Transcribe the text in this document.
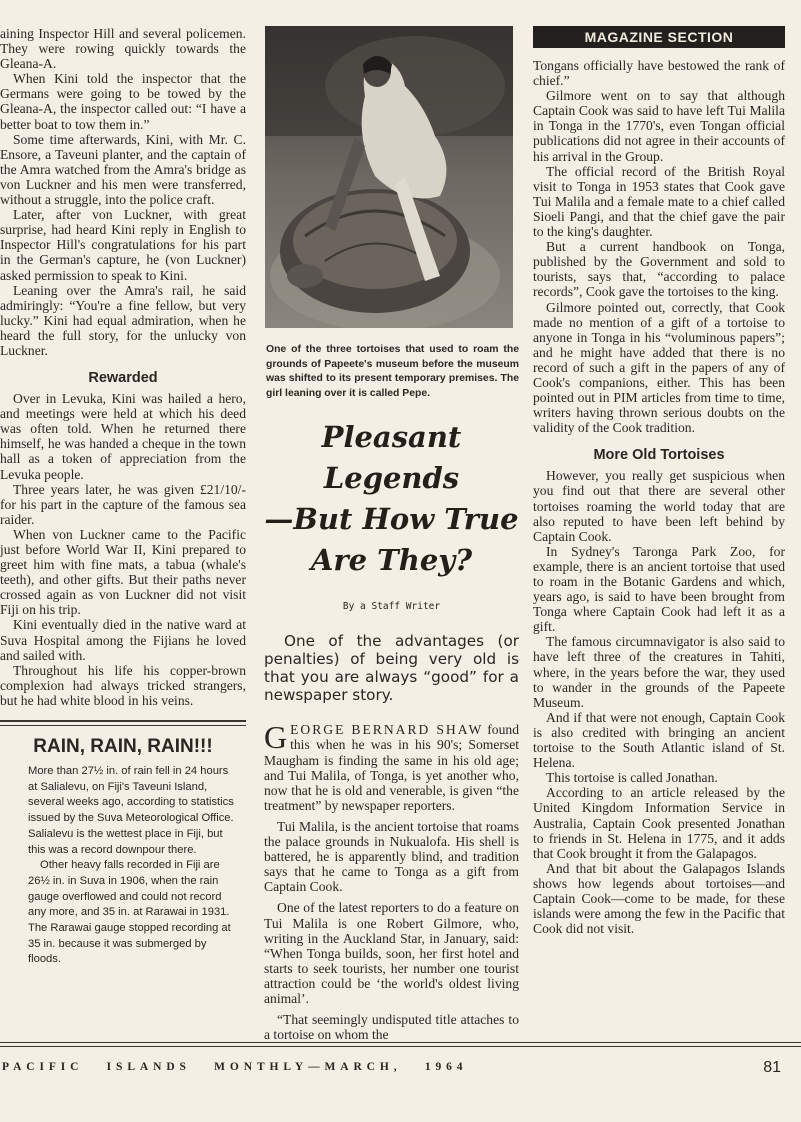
aining Inspector Hill and several policemen. They were rowing quickly towards the Gleana-A.

When Kini told the inspector that the Germans were going to be towed by the Gleana-A, the inspector called out: “I have a better boat to tow them in.”

Some time afterwards, Kini, with Mr. C. Ensore, a Taveuni planter, and the captain of the Amra watched from the Amra's bridge as von Luckner and his men were transferred, without a struggle, into the police craft.

Later, after von Luckner, with great surprise, had heard Kini reply in English to Inspector Hill's congratulations for his part in the German's capture, he (von Luckner) asked permission to speak to Kini.

Leaning over the Amra's rail, he said admiringly: “You're a fine fellow, but very lucky.” Kini had equal admiration, when he heard the full story, for the unlucky von Luckner.

Rewarded

Over in Levuka, Kini was hailed a hero, and meetings were held at which his deed was often told. When he returned there himself, he was handed a cheque in the town hall as a token of appreciation from the Levuka people.

Three years later, he was given £21/10/- for his part in the capture of the famous sea raider.

When von Luckner came to the Pacific just before World War II, Kini prepared to greet him with fine mats, a tabua (whale's teeth), and other gifts. But their paths never crossed again as von Luckner did not visit Fiji on his trip.

Kini eventually died in the native ward at Suva Hospital among the Fijians he loved and sailed with.

Throughout his life his copper-brown complexion had always tricked strangers, but he had white blood in his veins.

RAIN, RAIN, RAIN!!!

More than 27½ in. of rain fell in 24 hours at Salialevu, on Fiji's Taveuni Island, several weeks ago, according to statistics issued by the Suva Meteorological Office. Salialevu is the wettest place in Fiji, but this was a record downpour there.

Other heavy falls recorded in Fiji are 26½ in. in Suva in 1906, when the rain gauge overflowed and could not record any more, and 35 in. at Rarawai in 1931. The Rarawai gauge stopped recording at 35 in. because it was submerged by floods.

One of the three tortoises that used to roam the grounds of Papeete's museum before the museum was shifted to its present temporary premises. The girl leaning over it is called Pepe.
Pleasant Legends
—But How True
Are They?
By a Staff Writer

One of the advantages (or penalties) of being very old is that you are always “good” for a newspaper story.

GEORGE BERNARD SHAW found this when he was in his 90's; Somerset Maugham is finding the same in his old age; and Tui Malila, of Tonga, is yet another who, now that he is old and venerable, is given “the treatment” by newspaper reporters.

Tui Malila, is the ancient tortoise that roams the palace grounds in Nukualofa. His shell is battered, he is apparently blind, and tradition says that he came to Tonga as a gift from Captain Cook.

One of the latest reporters to do a feature on Tui Malila is one Robert Gilmore, who, writing in the Auckland Star, in January, said: “When Tonga builds, soon, her first hotel and starts to seek tourists, her number one tourist attraction could be ‘the world's oldest living animal’.

“That seemingly undisputed title attaches to a tortoise on whom the

MAGAZINE SECTION

Tongans officially have bestowed the rank of chief.”

Gilmore went on to say that although Captain Cook was said to have left Tui Malila in Tonga in the 1770's, even Tongan official publications did not agree in their accounts of his arrival in the Group.

The official record of the British Royal visit to Tonga in 1953 states that Cook gave Tui Malila and a female mate to a chief called Sioeli Pangi, and that the chief gave the pair to the king's daughter.

But a current handbook on Tonga, published by the Government and sold to tourists, says that, “according to palace records”, Cook gave the tortoises to the king.

Gilmore pointed out, correctly, that Cook made no mention of a gift of a tortoise to anyone in Tonga in his “voluminous papers”; and he might have added that there is no record of such a gift in the papers of any of Cook's companions, either. This has been pointed out in PIM articles from time to time, writers having thrown serious doubts on the validity of the Cook tradition.

More Old Tortoises

However, you really get suspicious when you find out that there are several other tortoises roaming the world today that are also reputed to have been left behind by Captain Cook.

In Sydney's Taronga Park Zoo, for example, there is an ancient tortoise that used to roam in the Botanic Gardens and which, years ago, is said to have been brought from Tonga where Captain Cook had left it as a gift.

The famous circumnavigator is also said to have left three of the creatures in Tahiti, where, in the years before the war, they used to wander in the grounds of the Papeete Museum.

And if that were not enough, Captain Cook is also credited with bringing an ancient tortoise to the South Atlantic island of St. Helena.

This tortoise is called Jonathan.

According to an article released by the United Kingdom Information Service in Australia, Captain Cook presented Jonathan to friends in St. Helena in 1775, and it adds that Cook brought it from the Galapagos.

And that bit about the Galapagos Islands shows how legends about tortoises—and Captain Cook—come to be made, for these islands were among the few in the Pacific that Cook did not visit.

PACIFIC   ISLANDS   MONTHLY—MARCH,   1964	81
